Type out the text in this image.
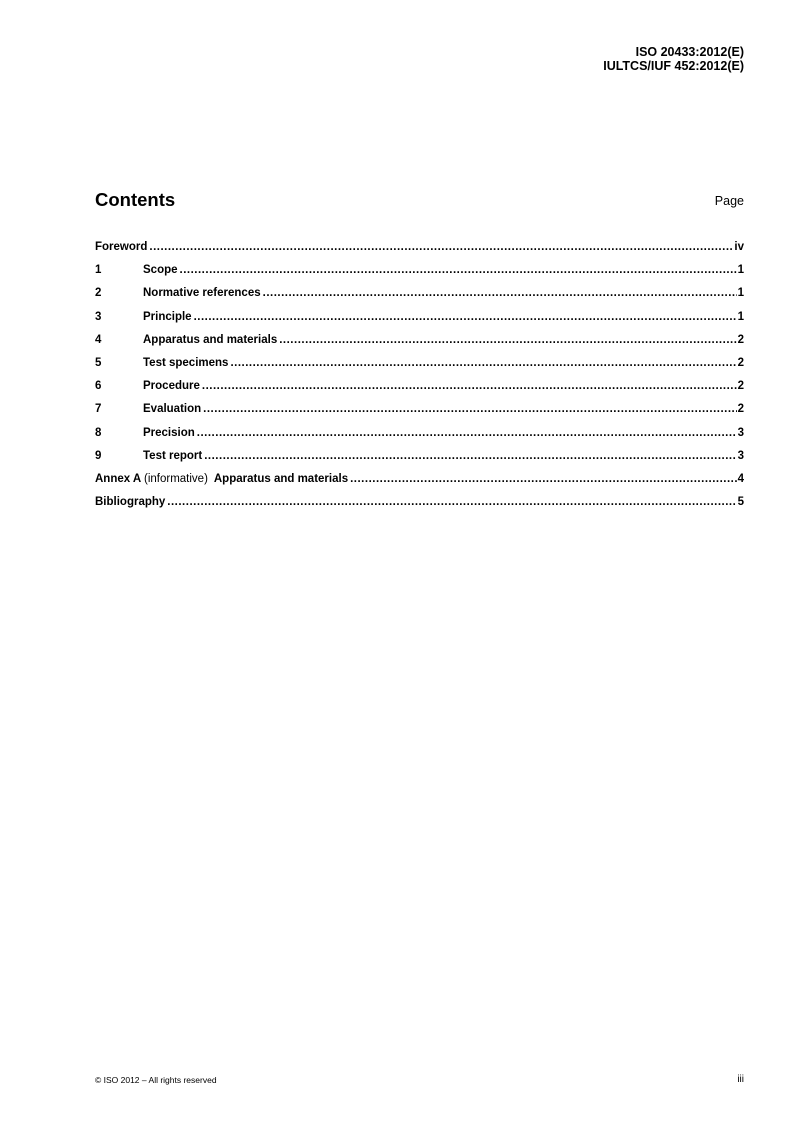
ISO 20433:2012(E)
IULTCS/IUF 452:2012(E)
Contents	Page
Foreword .....	iv
1	Scope .....	1
2	Normative references .....	1
3	Principle .....	1
4	Apparatus and materials .....	2
5	Test specimens .....	2
6	Procedure .....	2
7	Evaluation .....	2
8	Precision .....	3
9	Test report .....	3
Annex A (informative) Apparatus and materials .....	4
Bibliography .....	5
© ISO 2012 – All rights reserved	iii
